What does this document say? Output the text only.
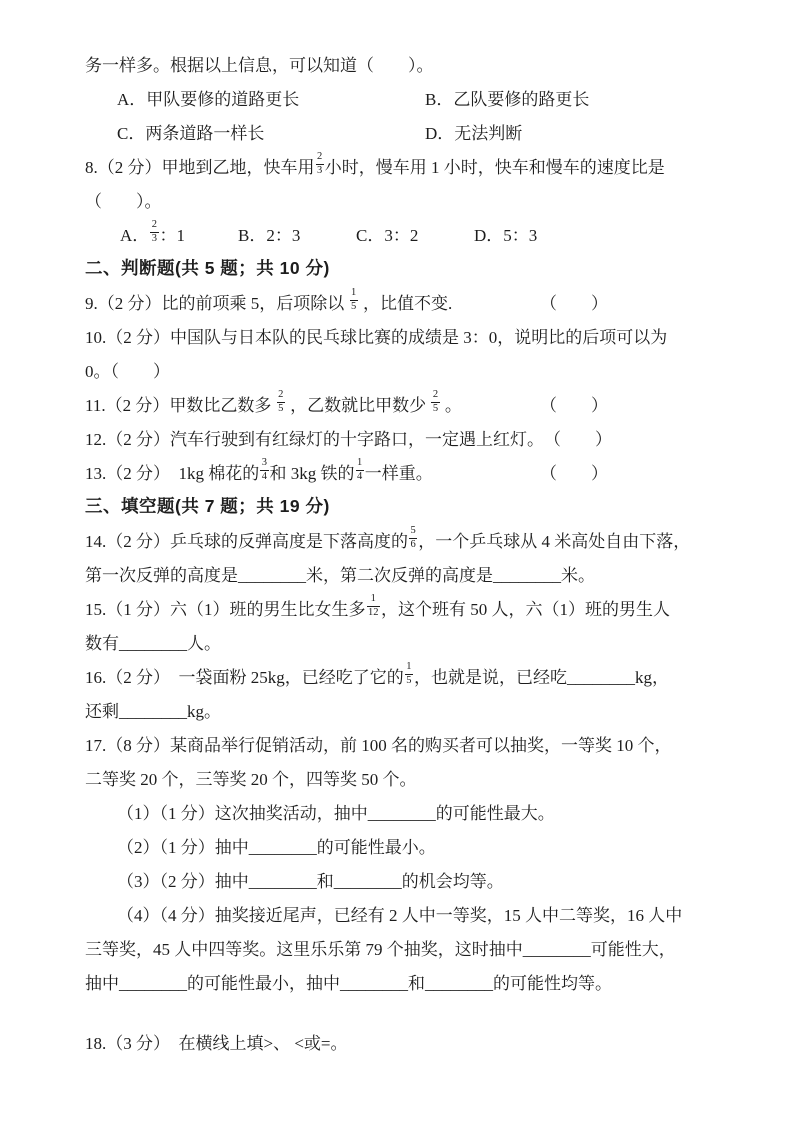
务一样多。根据以上信息，可以知道（　　）。
A．甲队要修的道路更长	B．乙队要修的路更长
C．两条道路一样长	D．无法判断
8.（2 分）甲地到乙地，快车用 $\frac{2}{3}$ 小时，慢车用 1 小时，快车和慢车的速度比是
（　　）。
A． $\frac{2}{3}$ ：1	B．2：3	C．3：2	D．5：3
二、判断题(共 5 题；共 10 分)
9.（2 分）比的前项乘 5，后项除以 $\frac{1}{5}$ ，比值不变.	（　　）
10.（2 分）中国队与日本队的民乓球比赛的成绩是 3：0，说明比的后项可以为
0。（　　）
11.（2 分）甲数比乙数多 $\frac{2}{5}$ ，乙数就比甲数少 $\frac{2}{5}$ 。	（　　）
12.（2 分）汽车行驶到有红绿灯的十字路口，一定遇上红灯。 （　　）
13.（2 分）　1kg 棉花的 $\frac{3}{4}$ 和 3kg 铁的 $\frac{1}{4}$ 一样重。	（　　）
三、填空题(共 7 题；共 19 分)
14.（2 分）乒乓球的反弹高度是下落高度的 $\frac{5}{6}$ ，一个乒乓球从 4 米高处自由下落，
第一次反弹的高度是________米，第二次反弹的高度是________米。
15.（1 分）六（1）班的男生比女生多 $\frac{1}{12}$ ，这个班有 50 人，六（1）班的男生人
数有________人。
16.（2 分）　一袋面粉 25kg，已经吃了它的 $\frac{1}{5}$ ，也就是说，已经吃________kg，
还剩________kg。
17.（8 分）某商品举行促销活动，前 100 名的购买者可以抽奖，一等奖 10 个，
二等奖 20 个，三等奖 20 个，四等奖 50 个。
（1）（1 分）这次抽奖活动，抽中________的可能性最大。
（2）（1 分）抽中________的可能性最小。
（3）（2 分）抽中________和________的机会均等。
（4）（4 分）抽奖接近尾声，已经有 2 人中一等奖，15 人中二等奖，16 人中
三等奖，45 人中四等奖。这里乐乐第 79 个抽奖，这时抽中________可能性大，
抽中________的可能性最小，抽中________和________的可能性均等。
18.（3 分）　在横线上填>、 <或=。
